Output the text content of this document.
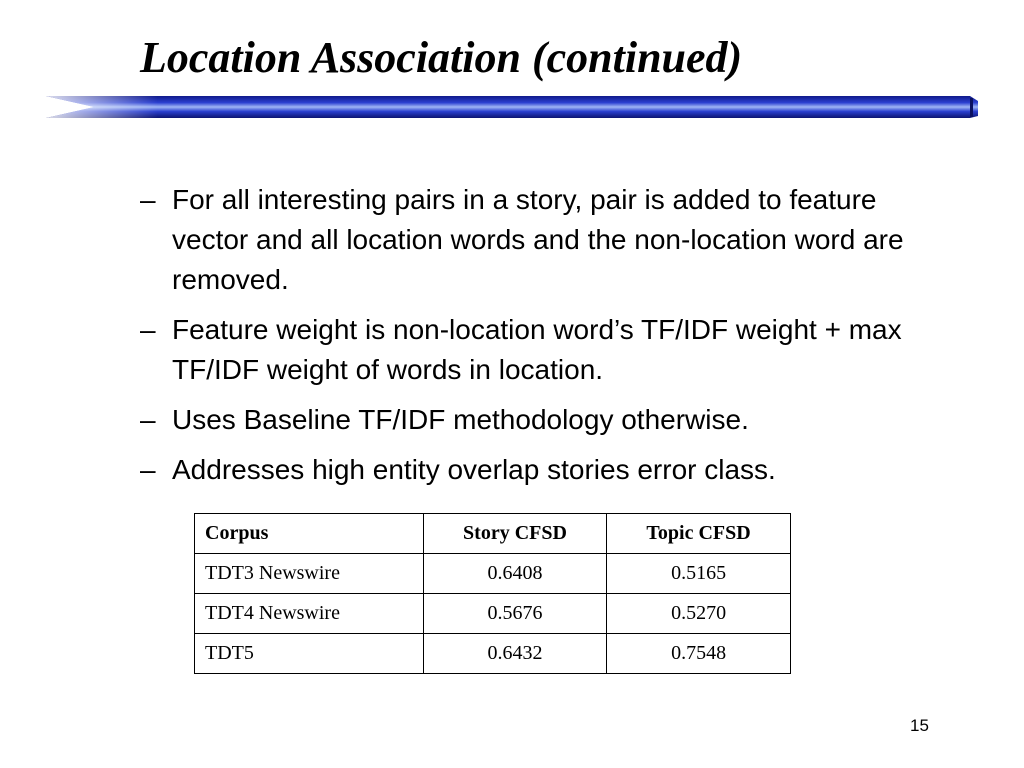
Location Association (continued)
– For all interesting pairs in a story, pair is added to feature vector and all location words and the non-location word are removed.
– Feature weight is non-location word’s TF/IDF weight + max TF/IDF weight of words in location.
– Uses Baseline TF/IDF methodology otherwise.
– Addresses high entity overlap stories error class.
Corpus	Story CFSD	Topic CFSD
TDT3 Newswire	0.6408	0.5165
TDT4 Newswire	0.5676	0.5270
TDT5	0.6432	0.7548
15
